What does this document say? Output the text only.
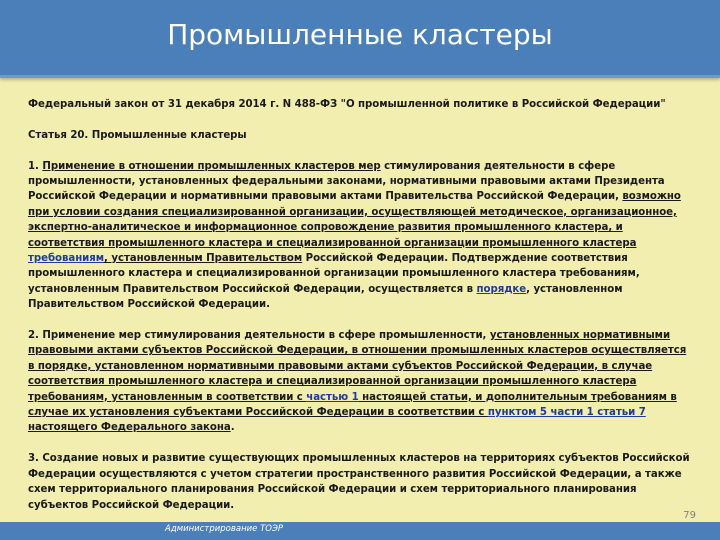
Промышленные кластеры

Федеральный закон от 31 декабря 2014 г. N 488-ФЗ "О промышленной политике в Российской Федерации"

Статья 20. Промышленные кластеры

1. Применение в отношении промышленных кластеров мер стимулирования деятельности в сфере промышленности, установленных федеральными законами, нормативными правовыми актами Президента Российской Федерации и нормативными правовыми актами Правительства Российской Федерации, возможно при условии создания специализированной организации, осуществляющей методическое, организационное, экспертно-аналитическое и информационное сопровождение развития промышленного кластера, и соответствия промышленного кластера и специализированной организации промышленного кластера требованиям, установленным Правительством Российской Федерации. Подтверждение соответствия промышленного кластера и специализированной организации промышленного кластера требованиям, установленным Правительством Российской Федерации, осуществляется в порядке, установленном Правительством Российской Федерации.

2. Применение мер стимулирования деятельности в сфере промышленности, установленных нормативными правовыми актами субъектов Российской Федерации, в отношении промышленных кластеров осуществляется в порядке, установленном нормативными правовыми актами субъектов Российской Федерации, в случае соответствия промышленного кластера и специализированной организации промышленного кластера требованиям, установленным в соответствии с частью 1 настоящей статьи, и дополнительным требованиям в случае их установления субъектами Российской Федерации в соответствии с пунктом 5 части 1 статьи 7 настоящего Федерального закона.

3. Создание новых и развитие существующих промышленных кластеров на территориях субъектов Российской Федерации осуществляются с учетом стратегии пространственного развития Российской Федерации, а также схем территориального планирования Российской Федерации и схем территориального планирования субъектов Российской Федерации.

79
Администрирование ТОЭР
